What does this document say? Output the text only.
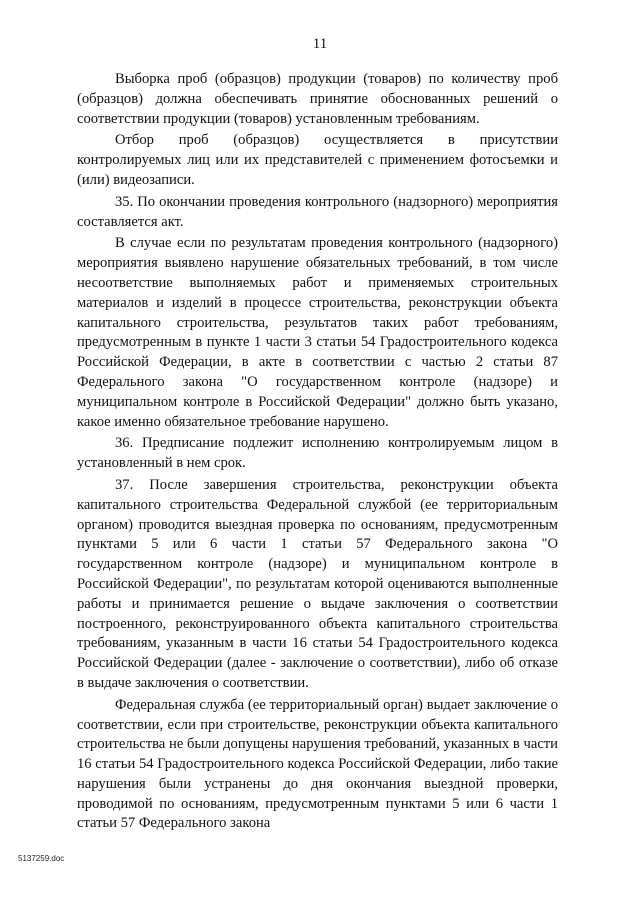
11

Выборка проб (образцов) продукции (товаров) по количеству проб (образцов) должна обеспечивать принятие обоснованных решений о соответствии продукции (товаров) установленным требованиям.

Отбор проб (образцов) осуществляется в присутствии контролируемых лиц или их представителей с применением фотосъемки и (или) видеозаписи.

35. По окончании проведения контрольного (надзорного) мероприятия составляется акт.

В случае если по результатам проведения контрольного (надзорного) мероприятия выявлено нарушение обязательных требований, в том числе несоответствие выполняемых работ и применяемых строительных материалов и изделий в процессе строительства, реконструкции объекта капитального строительства, результатов таких работ требованиям, предусмотренным в пункте 1 части 3 статьи 54 Градостроительного кодекса Российской Федерации, в акте в соответствии с частью 2 статьи 87 Федерального закона "О государственном контроле (надзоре) и муниципальном контроле в Российской Федерации" должно быть указано, какое именно обязательное требование нарушено.

36. Предписание подлежит исполнению контролируемым лицом в установленный в нем срок.

37. После завершения строительства, реконструкции объекта капитального строительства Федеральной службой (ее территориальным органом) проводится выездная проверка по основаниям, предусмотренным пунктами 5 или 6 части 1 статьи 57 Федерального закона "О государственном контроле (надзоре) и муниципальном контроле в Российской Федерации", по результатам которой оцениваются выполненные работы и принимается решение о выдаче заключения о соответствии построенного, реконструированного объекта капитального строительства требованиям, указанным в части 16 статьи 54 Градостроительного кодекса Российской Федерации (далее - заключение о соответствии), либо об отказе в выдаче заключения о соответствии.

Федеральная служба (ее территориальный орган) выдает заключение о соответствии, если при строительстве, реконструкции объекта капитального строительства не были допущены нарушения требований, указанных в части 16 статьи 54 Градостроительного кодекса Российской Федерации, либо такие нарушения были устранены до дня окончания выездной проверки, проводимой по основаниям, предусмотренным пунктами 5 или 6 части 1 статьи 57 Федерального закона

5137259.doc
